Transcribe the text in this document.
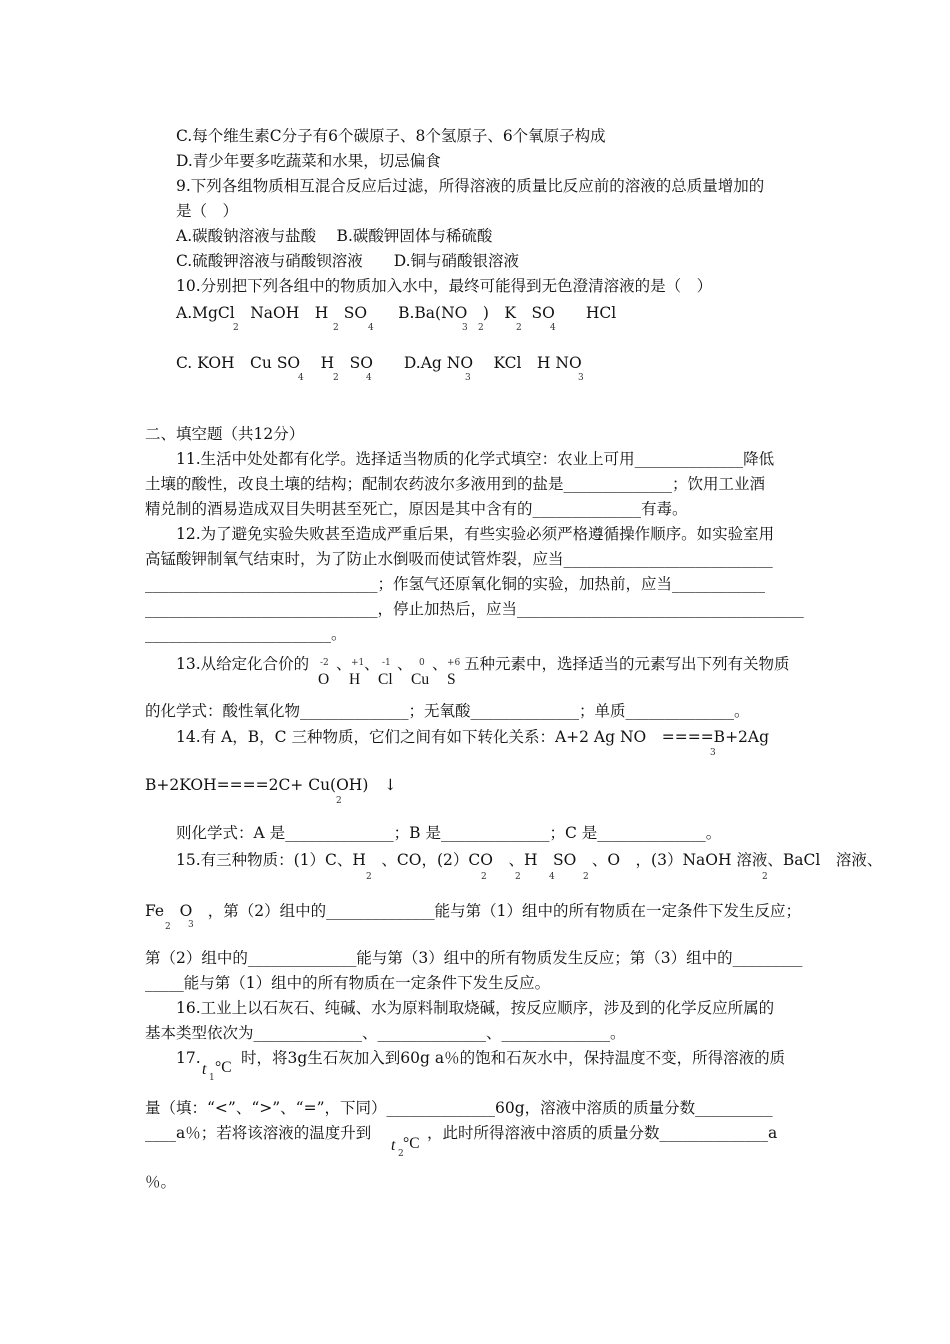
C.每个维生素C分子有6个碳原子、8个氢原子、6个氧原子构成
D.青少年要多吃蔬菜和水果，切忌偏食
9.下列各组物质相互混合反应后过滤，所得溶液的质量比反应前的溶液的总质量增加的
是（　）
A.碳酸钠溶液与盐酸　 B.碳酸钾固体与稀硫酸
C.硫酸钾溶液与硝酸钡溶液　　D.铜与硝酸银溶液
10.分别把下列各组中的物质加入水中，最终可能得到无色澄清溶液的是（　）
A.MgCl　NaOH　H　SO　　B.Ba(NO　)　K　SO　　HCl
2	2	4	3 2	2	4
C. KOH　Cu SO　 H　SO　　D.Ag NO　 KCl　H NO
4	2	4	3	3
二、填空题（共12分）
11.生活中处处都有化学。选择适当物质的化学式填空：农业上可用______________降低
土壤的酸性，改良土壤的结构；配制农药波尔多液用到的盐是______________；饮用工业酒
精兑制的酒易造成双目失明甚至死亡，原因是其中含有的______________有毒。
12.为了避免实验失败甚至造成严重后果，有些实验必须严格遵循操作顺序。如实验室用
高锰酸钾制氧气结束时，为了防止水倒吸而使试管炸裂，应当___________________________
______________________________；作氢气还原氧化铜的实验，加热前，应当____________
______________________________，停止加热后，应当_____________________________________
________________________。
13.从给定化合价的 -2
O
、 +1
H
、 -1
Cl
、 0
Cu
、 +6
S
五种元素中，选择适当的元素写出下列有关物质
的化学式：酸性氧化物______________；无氧酸______________；单质______________。
14.有 A，B，C 三种物质，它们之间有如下转化关系：A+2 Ag NO　====B+2Ag
3
B+2KOH====2C+ Cu(OH)　↓
2
则化学式：A 是______________；B 是______________；C 是______________。
15.有三种物质：(1）C、H　、CO，(2）CO　、H　SO　、O　，(3）NaOH 溶液、BaCl　溶液、
2	2	2	4	2	2
Fe　O　，第（2）组中的______________能与第（1）组中的所有物质在一定条件下发生反应；
2 3
第（2）组中的______________能与第（3）组中的所有物质发生反应；第（3）组中的_________
_____能与第（1）组中的所有物质在一定条件下发生反应。
16.工业上以石灰石、纯碱、水为原料制取烧碱，按反应顺序，涉及到的化学反应所属的
基本类型依次为______________、______________、______________。
17.
t 1
°C
时，将3g生石灰加入到60g a％的饱和石灰水中，保持温度不变，所得溶液的质
量（填：“<”、“>”、“=”，下同）______________60g，溶液中溶质的质量分数__________
____a％；若将该溶液的温度升到
t 2
°C
，此时所得溶液中溶质的质量分数______________a
％。
